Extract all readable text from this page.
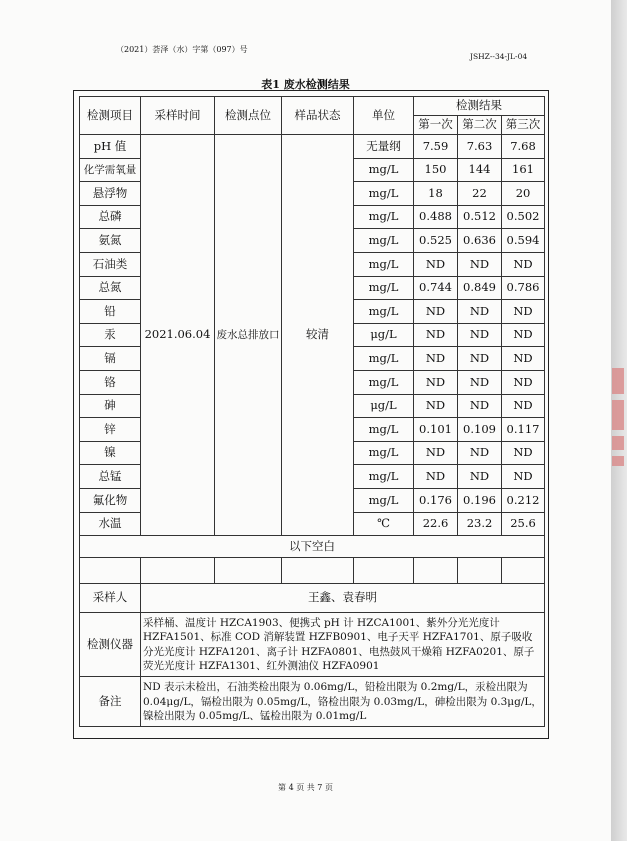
（2021）荟泽（水）字第（097）号
JSHZ--34-JL-04
表1 废水检测结果
检测项目	采样时间	检测点位	样品状态	单位	检测结果		
					第一次	第二次	第三次
pH 值	2021.06.04	废水总排放口	较清	无量纲	7.59	7.63	7.68
化学需氧量				mg/L	150	144	161
悬浮物				mg/L	18	22	20
总磷				mg/L	0.488	0.512	0.502
氨氮				mg/L	0.525	0.636	0.594
石油类				mg/L	ND	ND	ND
总氮				mg/L	0.744	0.849	0.786
铅				mg/L	ND	ND	ND
汞				μg/L	ND	ND	ND
镉				mg/L	ND	ND	ND
铬				mg/L	ND	ND	ND
砷				μg/L	ND	ND	ND
锌				mg/L	0.101	0.109	0.117
镍				mg/L	ND	ND	ND
总锰				mg/L	ND	ND	ND
氟化物				mg/L	0.176	0.196	0.212
水温				℃	22.6	23.2	25.6
以下空白							

采样人	王鑫、袁春明						
检测仪器	采样桶、温度计 HZCA1903、便携式 pH 计 HZCA1001、紫外分光光度计 HZFA1501、标准 COD 消解装置 HZFB0901、电子天平 HZFA1701、原子吸收分光光度计 HZFA1201、离子计 HZFA0801、电热鼓风干燥箱 HZFA0201、原子荧光光度计 HZFA1301、红外测油仪 HZFA0901						
备注	ND 表示未检出，石油类检出限为 0.06mg/L，铅检出限为 0.2mg/L，汞检出限为 0.04μg/L，镉检出限为 0.05mg/L，铬检出限为 0.03mg/L，砷检出限为 0.3μg/L，镍检出限为 0.05mg/L、锰检出限为 0.01mg/L						
第 4 页 共 7 页
